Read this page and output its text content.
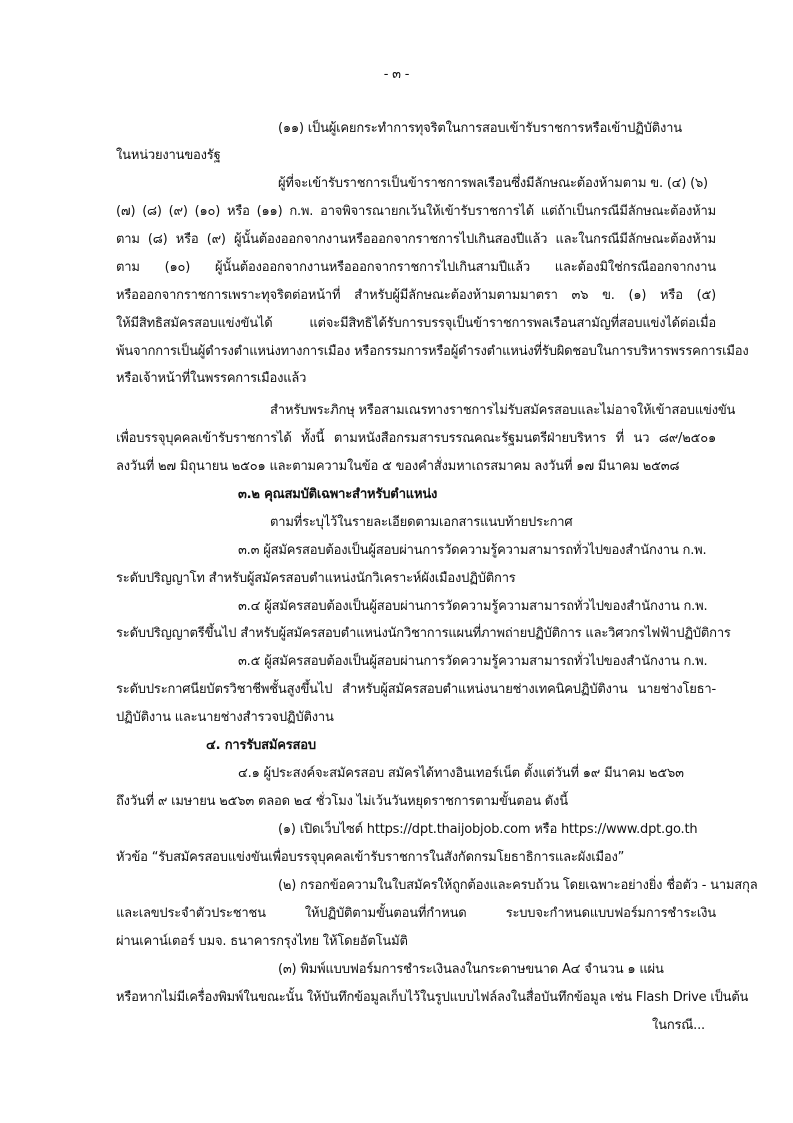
- ๓ -
(๑๑) เป็นผู้เคยกระทำการทุจริตในการสอบเข้ารับราชการหรือเข้าปฏิบัติงาน
ในหน่วยงานของรัฐ
ผู้ที่จะเข้ารับราชการเป็นข้าราชการพลเรือนซึ่งมีลักษณะต้องห้ามตาม ข. (๔) (๖)
(๗) (๘) (๙) (๑๐) หรือ (๑๑) ก.พ. อาจพิจารณายกเว้นให้เข้ารับราชการได้ แต่ถ้าเป็นกรณีมีลักษณะต้องห้าม
ตาม (๘) หรือ (๙) ผู้นั้นต้องออกจากงานหรือออกจากราชการไปเกินสองปีแล้ว และในกรณีมีลักษณะต้องห้าม
ตาม (๑๐) ผู้นั้นต้องออกจากงานหรือออกจากราชการไปเกินสามปีแล้ว และต้องมิใช่กรณีออกจากงาน
หรือออกจากราชการเพราะทุจริตต่อหน้าที่ สำหรับผู้มีลักษณะต้องห้ามตามมาตรา ๓๖ ข. (๑) หรือ (๕)
ให้มีสิทธิสมัครสอบแข่งขันได้ แต่จะมีสิทธิได้รับการบรรจุเป็นข้าราชการพลเรือนสามัญที่สอบแข่งได้ต่อเมื่อ
พ้นจากการเป็นผู้ดำรงตำแหน่งทางการเมือง หรือกรรมการหรือผู้ดำรงตำแหน่งที่รับผิดชอบในการบริหารพรรคการเมือง
หรือเจ้าหน้าที่ในพรรคการเมืองแล้ว
สำหรับพระภิกษุ หรือสามเณรทางราชการไม่รับสมัครสอบและไม่อาจให้เข้าสอบแข่งขัน
เพื่อบรรจุบุคคลเข้ารับราชการได้ ทั้งนี้ ตามหนังสือกรมสารบรรณคณะรัฐมนตรีฝ่ายบริหาร ที่ นว ๘๙/๒๕๐๑
ลงวันที่ ๒๗ มิถุนายน ๒๕๐๑ และตามความในข้อ ๕ ของคำสั่งมหาเถรสมาคม ลงวันที่ ๑๗ มีนาคม ๒๕๓๘
๓.๒ คุณสมบัติเฉพาะสำหรับตำแหน่ง
ตามที่ระบุไว้ในรายละเอียดตามเอกสารแนบท้ายประกาศ
๓.๓ ผู้สมัครสอบต้องเป็นผู้สอบผ่านการวัดความรู้ความสามารถทั่วไปของสำนักงาน ก.พ.
ระดับปริญญาโท สำหรับผู้สมัครสอบตำแหน่งนักวิเคราะห์ผังเมืองปฏิบัติการ
๓.๔ ผู้สมัครสอบต้องเป็นผู้สอบผ่านการวัดความรู้ความสามารถทั่วไปของสำนักงาน ก.พ.
ระดับปริญญาตรีขึ้นไป สำหรับผู้สมัครสอบตำแหน่งนักวิชาการแผนที่ภาพถ่ายปฏิบัติการ และวิศวกรไฟฟ้าปฏิบัติการ
๓.๕ ผู้สมัครสอบต้องเป็นผู้สอบผ่านการวัดความรู้ความสามารถทั่วไปของสำนักงาน ก.พ.
ระดับประกาศนียบัตรวิชาชีพชั้นสูงขึ้นไป สำหรับผู้สมัครสอบตำแหน่งนายช่างเทคนิคปฏิบัติงาน นายช่างโยธา-
ปฏิบัติงาน และนายช่างสำรวจปฏิบัติงาน
๔. การรับสมัครสอบ
๔.๑ ผู้ประสงค์จะสมัครสอบ สมัครได้ทางอินเทอร์เน็ต ตั้งแต่วันที่ ๑๙ มีนาคม ๒๕๖๓
ถึงวันที่ ๙ เมษายน ๒๕๖๓ ตลอด ๒๔ ชั่วโมง ไม่เว้นวันหยุดราชการตามขั้นตอน ดังนี้
(๑) เปิดเว็บไซต์ https://dpt.thaijobjob.com หรือ https://www.dpt.go.th
หัวข้อ “รับสมัครสอบแข่งขันเพื่อบรรจุบุคคลเข้ารับราชการในสังกัดกรมโยธาธิการและผังเมือง”
(๒) กรอกข้อความในใบสมัครให้ถูกต้องและครบถ้วน โดยเฉพาะอย่างยิ่ง ชื่อตัว - นามสกุล
และเลขประจำตัวประชาชน ให้ปฏิบัติตามขั้นตอนที่กำหนด ระบบจะกำหนดแบบฟอร์มการชำระเงิน
ผ่านเคาน์เตอร์ บมจ. ธนาคารกรุงไทย ให้โดยอัตโนมัติ
(๓) พิมพ์แบบฟอร์มการชำระเงินลงในกระดาษขนาด A๔ จำนวน ๑ แผ่น
หรือหากไม่มีเครื่องพิมพ์ในขณะนั้น ให้บันทึกข้อมูลเก็บไว้ในรูปแบบไฟล์ลงในสื่อบันทึกข้อมูล เช่น Flash Drive เป็นต้น
ในกรณี...
